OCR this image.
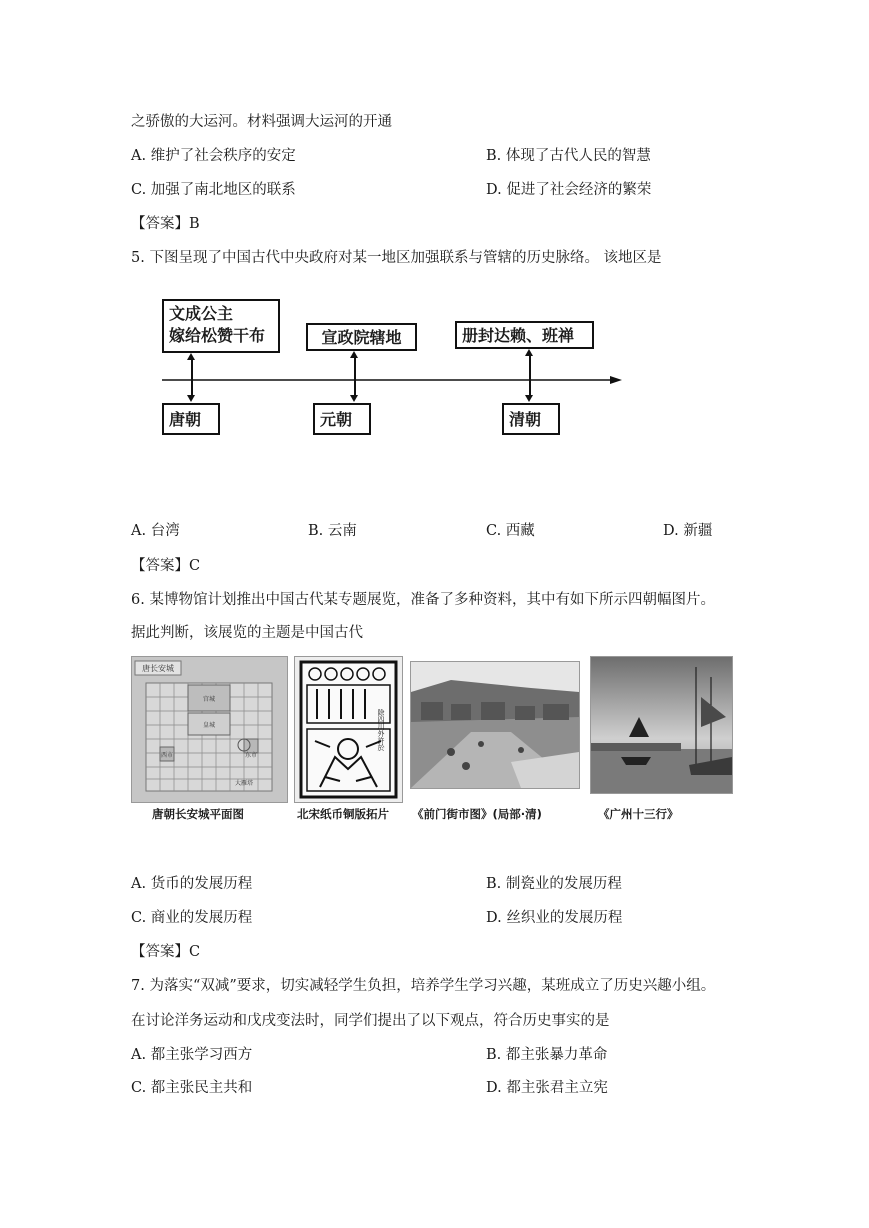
之骄傲的大运河。材料强调大运河的开通
A. 维护了社会秩序的安定	B. 体现了古代人民的智慧
C. 加强了南北地区的联系	D. 促进了社会经济的繁荣
【答案】B
5. 下图呈现了中国古代中央政府对某一地区加强联系与管辖的历史脉络。 该地区是
文成公主
嫁给松赞干布	宣政院辖地	册封达赖、班禅
唐朝	元朝	清朝
A. 台湾	B. 云南	C. 西藏	D. 新疆
【答案】C
6. 某博物馆计划推出中国古代某专题展览，准备了多种资料，其中有如下所示四朝幅图片。
据此判断，该展览的主题是中国古代
唐长安城
宫城
皇城
东市
西市
大雁塔
除四川外許於
唐朝长安城平面图	北宋纸币铜版拓片 《前门街市图》(局部·清)	《广州十三行》
A. 货币的发展历程	B. 制瓷业的发展历程
C. 商业的发展历程	D. 丝织业的发展历程
【答案】C
7. 为落实“双减”要求，切实减轻学生负担，培养学生学习兴趣，某班成立了历史兴趣小组。
在讨论洋务运动和戊戌变法时，同学们提出了以下观点，符合历史事实的是
A. 都主张学习西方	B. 都主张暴力革命
C. 都主张民主共和	D. 都主张君主立宪
